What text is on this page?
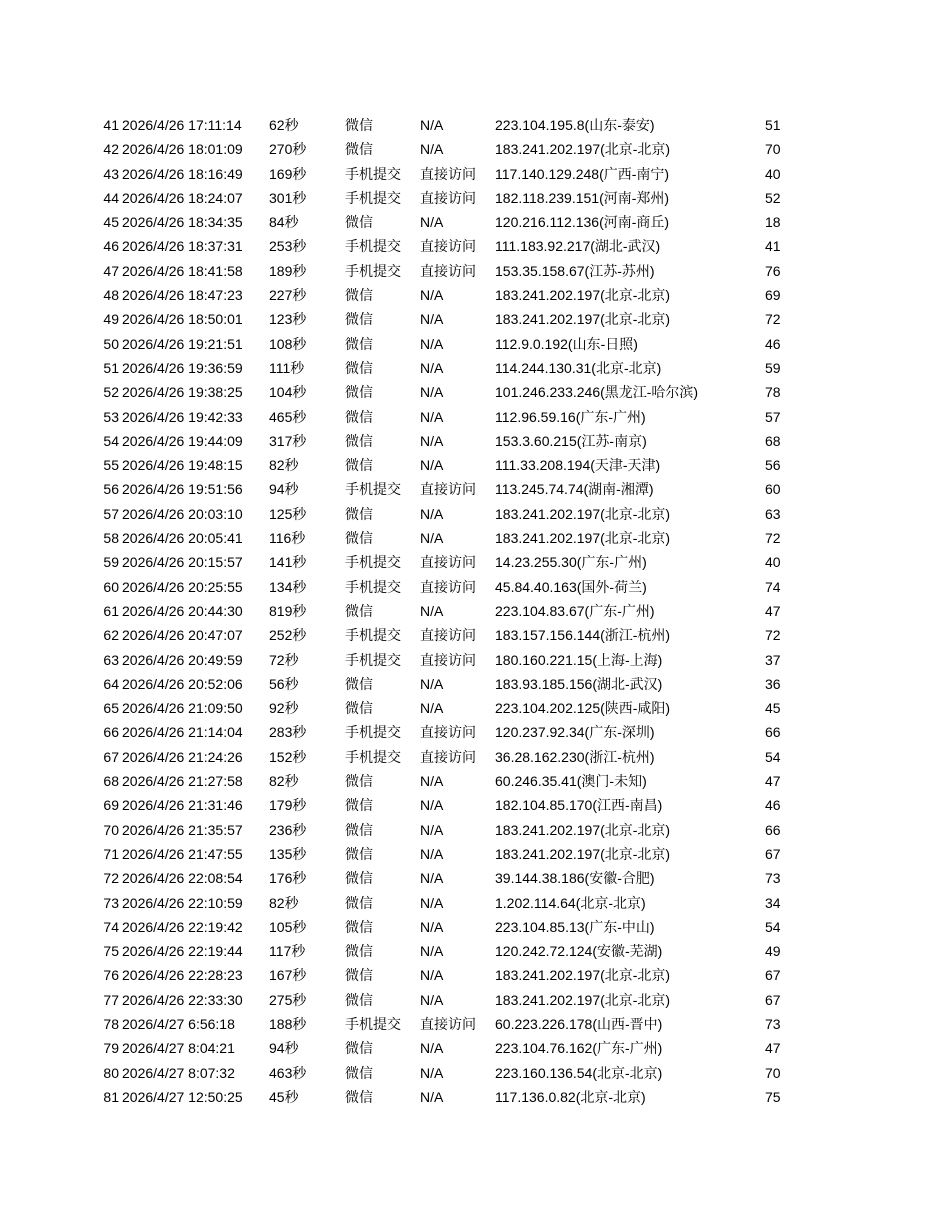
41 2026/4/26 17:11:14 62秒	微信	N/A	223.104.195.8(山东-泰安)	51
42 2026/4/26 18:01:09 270秒	微信	N/A	183.241.202.197(北京-北京)	70
43 2026/4/26 18:16:49 169秒	手机提交 直接访问 117.140.129.248(广西-南宁)	40
44 2026/4/26 18:24:07 301秒	手机提交 直接访问 182.118.239.151(河南-郑州)	52
45 2026/4/26 18:34:35 84秒	微信	N/A	120.216.112.136(河南-商丘)	18
46 2026/4/26 18:37:31 253秒	手机提交 直接访问 111.183.92.217(湖北-武汉)	41
47 2026/4/26 18:41:58 189秒	手机提交 直接访问 153.35.158.67(江苏-苏州)	76
48 2026/4/26 18:47:23 227秒	微信	N/A	183.241.202.197(北京-北京)	69
49 2026/4/26 18:50:01 123秒	微信	N/A	183.241.202.197(北京-北京)	72
50 2026/4/26 19:21:51 108秒	微信	N/A	112.9.0.192(山东-日照)	46
51 2026/4/26 19:36:59 111秒	微信	N/A	114.244.130.31(北京-北京)	59
52 2026/4/26 19:38:25 104秒	微信	N/A	101.246.233.246(黑龙江-哈尔滨)	78
53 2026/4/26 19:42:33 465秒	微信	N/A	112.96.59.16(广东-广州)	57
54 2026/4/26 19:44:09 317秒	微信	N/A	153.3.60.215(江苏-南京)	68
55 2026/4/26 19:48:15 82秒	微信	N/A	111.33.208.194(天津-天津)	56
56 2026/4/26 19:51:56 94秒	手机提交 直接访问 113.245.74.74(湖南-湘潭)	60
57 2026/4/26 20:03:10 125秒	微信	N/A	183.241.202.197(北京-北京)	63
58 2026/4/26 20:05:41 116秒	微信	N/A	183.241.202.197(北京-北京)	72
59 2026/4/26 20:15:57 141秒	手机提交 直接访问 14.23.255.30(广东-广州)	40
60 2026/4/26 20:25:55 134秒	手机提交 直接访问 45.84.40.163(国外-荷兰)	74
61 2026/4/26 20:44:30 819秒	微信	N/A	223.104.83.67(广东-广州)	47
62 2026/4/26 20:47:07 252秒	手机提交 直接访问 183.157.156.144(浙江-杭州)	72
63 2026/4/26 20:49:59 72秒	手机提交 直接访问 180.160.221.15(上海-上海)	37
64 2026/4/26 20:52:06 56秒	微信	N/A	183.93.185.156(湖北-武汉)	36
65 2026/4/26 21:09:50 92秒	微信	N/A	223.104.202.125(陕西-咸阳)	45
66 2026/4/26 21:14:04 283秒	手机提交 直接访问 120.237.92.34(广东-深圳)	66
67 2026/4/26 21:24:26 152秒	手机提交 直接访问 36.28.162.230(浙江-杭州)	54
68 2026/4/26 21:27:58 82秒	微信	N/A	60.246.35.41(澳门-未知)	47
69 2026/4/26 21:31:46 179秒	微信	N/A	182.104.85.170(江西-南昌)	46
70 2026/4/26 21:35:57 236秒	微信	N/A	183.241.202.197(北京-北京)	66
71 2026/4/26 21:47:55 135秒	微信	N/A	183.241.202.197(北京-北京)	67
72 2026/4/26 22:08:54 176秒	微信	N/A	39.144.38.186(安徽-合肥)	73
73 2026/4/26 22:10:59 82秒	微信	N/A	1.202.114.64(北京-北京)	34
74 2026/4/26 22:19:42 105秒	微信	N/A	223.104.85.13(广东-中山)	54
75 2026/4/26 22:19:44 117秒	微信	N/A	120.242.72.124(安徽-芜湖)	49
76 2026/4/26 22:28:23 167秒	微信	N/A	183.241.202.197(北京-北京)	67
77 2026/4/26 22:33:30 275秒	微信	N/A	183.241.202.197(北京-北京)	67
78 2026/4/27 6:56:18 188秒	手机提交 直接访问 60.223.226.178(山西-晋中)	73
79 2026/4/27 8:04:21 94秒	微信	N/A	223.104.76.162(广东-广州)	47
80 2026/4/27 8:07:32 463秒	微信	N/A	223.160.136.54(北京-北京)	70
81 2026/4/27 12:50:25 45秒	微信	N/A	117.136.0.82(北京-北京)	75
